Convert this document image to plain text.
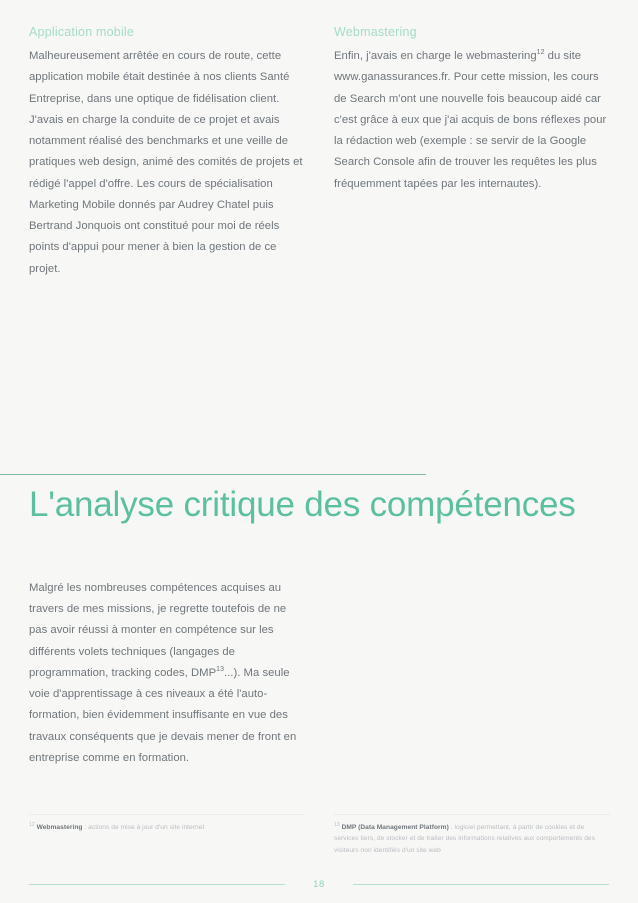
Application mobile

Malheureusement arrêtée en cours de route, cette application mobile était destinée à nos clients Santé Entreprise, dans une optique de fidélisation client. J'avais en charge la conduite de ce projet et avais notamment réalisé des benchmarks et une veille de pratiques web design, animé des comités de projets et rédigé l'appel d'offre. Les cours de spécialisation Marketing Mobile donnés par Audrey Chatel puis Bertrand Jonquois ont constitué pour moi de réels points d'appui pour mener à bien la gestion de ce projet.

Webmastering

Enfin, j'avais en charge le webmastering$^{12}$ du site www.ganassurances.fr. Pour cette mission, les cours de Search m'ont une nouvelle fois beaucoup aidé car c'est grâce à eux que j'ai acquis de bons réflexes pour la rédaction web (exemple : se servir de la Google Search Console afin de trouver les requêtes les plus fréquemment tapées par les internautes).

L'analyse critique des compétences

Malgré les nombreuses compétences acquises au travers de mes missions, je regrette toutefois de ne pas avoir réussi à monter en compétence sur les différents volets techniques (langages de programmation, tracking codes, DMP$^{13}$...). Ma seule voie d'apprentissage à ces niveaux a été l'auto-formation, bien évidemment insuffisante en vue des travaux conséquents que je devais mener de front en entreprise comme en formation.

$^{12}$ Webmastering : actions de mise à jour d'un site internet	$^{13}$ DMP (Data Management Platform) : logiciel permettant, à partir de cookies et de services tiers, de stocker et de traiter des informations relatives aux comportements des visiteurs non identifiés d'un site web

18
